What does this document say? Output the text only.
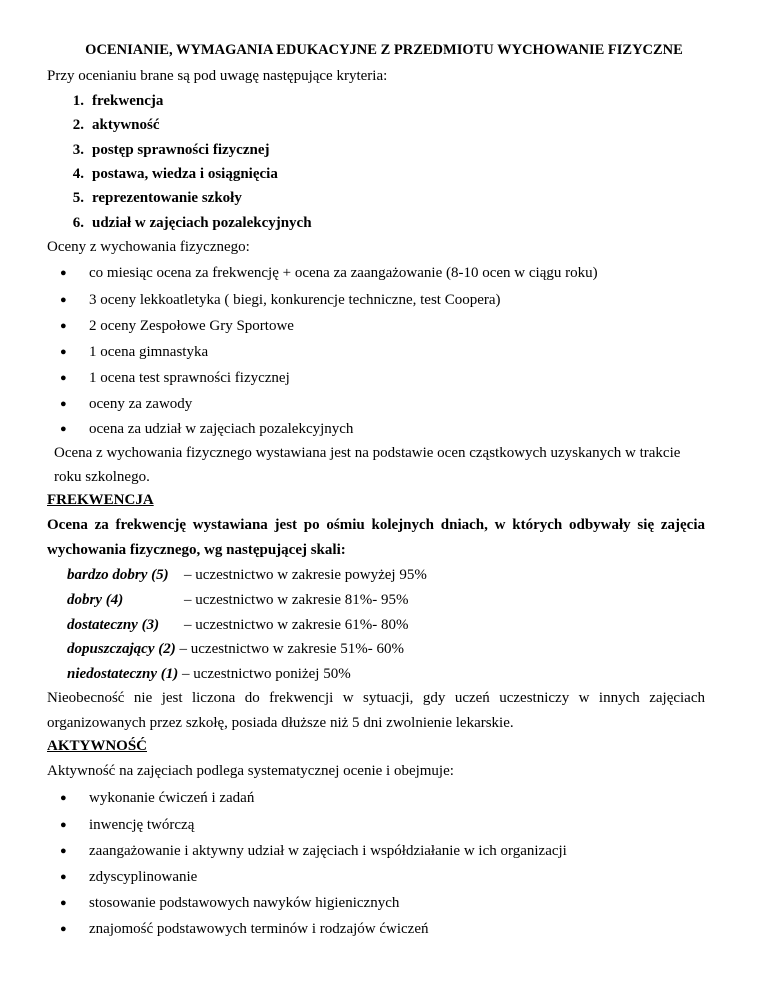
OCENIANIE, WYMAGANIA EDUKACYJNE Z PRZEDMIOTU WYCHOWANIE FIZYCZNE
Przy ocenianiu brane są pod uwagę następujące kryteria:
1. frekwencja
2. aktywność
3. postęp sprawności fizycznej
4. postawa, wiedza i osiągnięcia
5. reprezentowanie szkoły
6. udział w zajęciach pozalekcyjnych
Oceny z wychowania fizycznego:
● co miesiąc ocena za frekwencję + ocena za zaangażowanie (8-10 ocen w ciągu roku)
● 3 oceny lekkoatletyka ( biegi, konkurencje techniczne, test Coopera)
● 2 oceny Zespołowe Gry Sportowe
● 1 ocena gimnastyka
● 1 ocena test sprawności fizycznej
● oceny za zawody
● ocena za udział w zajęciach pozalekcyjnych
Ocena z wychowania fizycznego wystawiana jest na podstawie ocen cząstkowych uzyskanych w trakcie
roku szkolnego.
FREKWENCJA
Ocena za frekwencję wystawiana jest po ośmiu kolejnych dniach, w których odbywały się zajęcia
wychowania fizycznego, wg następującej skali:
bardzo dobry (5) – uczestnictwo w zakresie powyżej 95%
dobry (4)	– uczestnictwo w zakresie 81%- 95%
dostateczny (3) – uczestnictwo w zakresie 61%- 80%
dopuszczający (2) – uczestnictwo w zakresie 51%- 60%
niedostateczny (1) – uczestnictwo poniżej 50%
Nieobecność nie jest liczona do frekwencji w sytuacji, gdy uczeń uczestniczy w innych zajęciach
organizowanych przez szkołę, posiada dłuższe niż 5 dni zwolnienie lekarskie.
AKTYWNOŚĆ
Aktywność na zajęciach podlega systematycznej ocenie i obejmuje:
● wykonanie ćwiczeń i zadań
● inwencję twórczą
● zaangażowanie i aktywny udział w zajęciach i współdziałanie w ich organizacji
● zdyscyplinowanie
● stosowanie podstawowych nawyków higienicznych
● znajomość podstawowych terminów i rodzajów ćwiczeń
